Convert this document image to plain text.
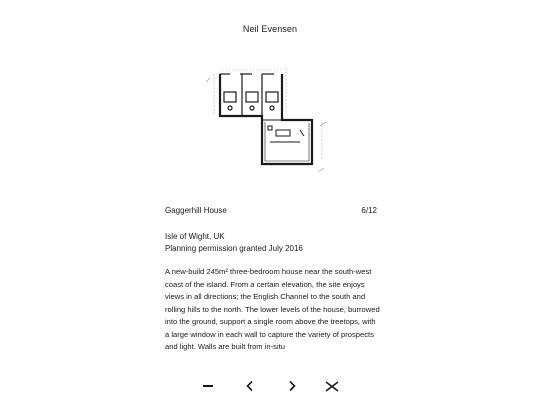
Neil Evensen
Gaggerhill House	6/12
Isle of Wight, UK
Planning permission granted July 2016
A new-build 245m² three-bedroom house near the south-west coast of the island. From a certain elevation, the site enjoys views in all directions; the English Channel to the south and rolling hills to the north. The lower levels of the house, burrowed into the ground, support a single room above the treetops, with a large window in each wall to capture the variety of prospects and light. Walls are built from in-situ
